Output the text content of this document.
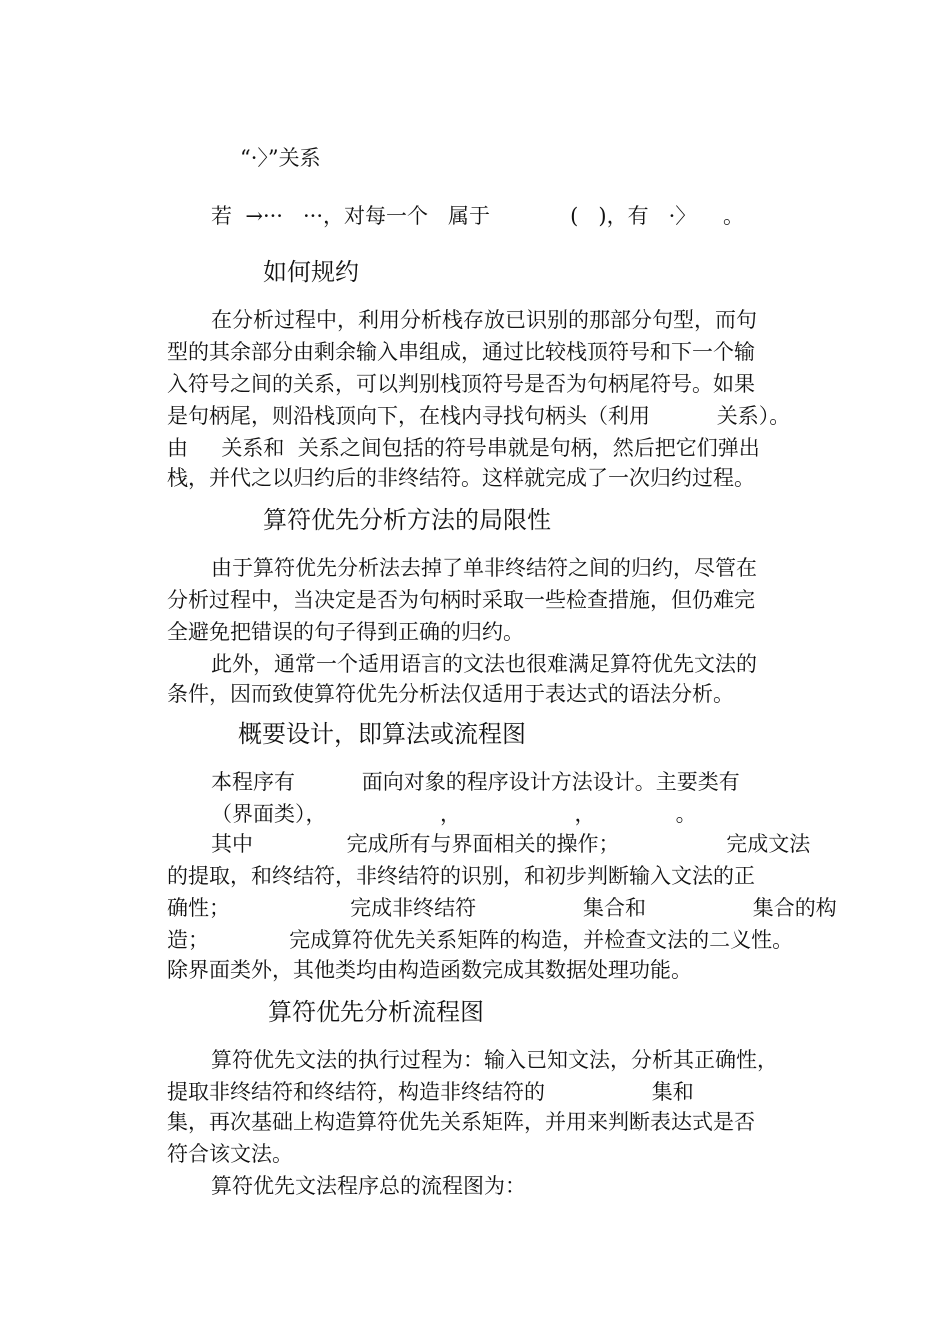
“·〉”关系
若  →···   ···，对每一个   属于            (   )，有   ·〉    。
如何规约
在分析过程中，利用分析栈存放已识别的那部分句型，而句
型的其余部分由剩余输入串组成，通过比较栈顶符号和下一个输
入符号之间的关系，可以判别栈顶符号是否为句柄尾符号。如果
是句柄尾，则沿栈顶向下，在栈内寻找句柄头（利用          关系）。
由     关系和  关系之间包括的符号串就是句柄，然后把它们弹出
栈，并代之以归约后的非终结符。这样就完成了一次归约过程。
算符优先分析方法的局限性
由于算符优先分析法去掉了单非终结符之间的归约，尽管在
分析过程中，当决定是否为句柄时采取一些检查措施，但仍难完
全避免把错误的句子得到正确的归约。
此外，通常一个适用语言的文法也很难满足算符优先文法的
条件，因而致使算符优先分析法仅适用于表达式的语法分析。
概要设计，即算法或流程图
本程序有          面向对象的程序设计方法设计。主要类有
（界面类），                 ，                 ，            。
其中              完成所有与界面相关的操作；                完成文法
的提取，和终结符，非终结符的识别，和初步判断输入文法的正
确性；                  完成非终结符                集合和                集合的构
造；            完成算符优先关系矩阵的构造，并检查文法的二义性。
除界面类外，其他类均由构造函数完成其数据处理功能。
算符优先分析流程图
算符优先文法的执行过程为：输入已知文法，分析其正确性，
提取非终结符和终结符，构造非终结符的                集和
集，再次基础上构造算符优先关系矩阵，并用来判断表达式是否
符合该文法。
算符优先文法程序总的流程图为：
